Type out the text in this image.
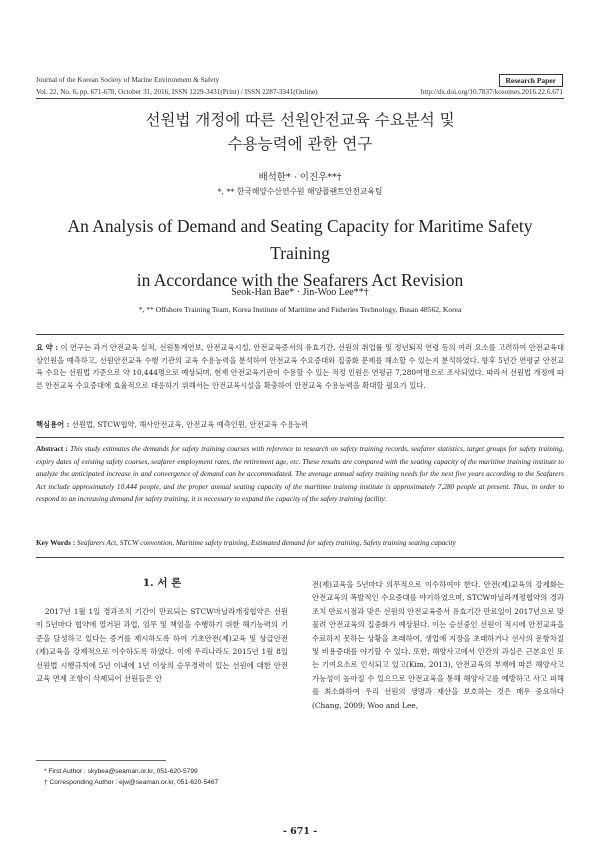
Journal of the Korean Society of Marine Environment & Safety	Research Paper
Vol. 22, No. 6, pp. 671-678, October 31, 2016, ISSN 1229-3431(Print) / ISSN 2287-3341(Online)	http://dx.doi.org/10.7837/kosomes.2016.22.6.671
선원법 개정에 따른 선원안전교육 수요분석 및
수용능력에 관한 연구
배석한* · 이진우**†
*, ** 한국해양수산연수원 해양플랜트안전교육팀
An Analysis of Demand and Seating Capacity for Maritime Safety Training
in Accordance with the Seafarers Act Revision
Seok-Han Bae* · Jin-Woo Lee**†
*, ** Offshore Training Team, Korea Institute of Maritime and Fisheries Technology, Busan 48562, Korea
요 약 : 이 연구는 과거 안전교육 실적, 선원통계연보, 안전교육시설, 안전교육증서의 유효기간, 선원의 취업률 및 정년퇴직 연령 등의 여러 요소를 고려하여 안전교육대상인원을 예측하고, 선원안전교육 수행 기관의 교육 수용능력을 분석하여 안전교육 수요증대와 집중화 문제를 해소할 수 있는지 분석하였다. 향후 5년간 연평균 안전교육 수요는 선원법 기준으로 약 10,444명으로 예상되며, 현재 안전교육기관이 수용할 수 있는 적정 인원은 연평균 7,280여명으로 조사되었다. 따라서 선원법 개정에 따른 안전교육 수요증대에 효율적으로 대응하기 위해서는 안전교육시설을 확충하여 안전교육 수용능력을 확대할 필요가 있다.
핵심용어 : 선원법, STCW협약, 해사안전교육, 안전교육 예측인원, 안전교육 수용능력
Abstract : This study estimates the demands for safety training courses with reference to research on safety training records, seafarer statistics, target groups for safety training, expiry dates of existing safety courses, seafarer employment rates, the retirement age, etc. These results are compared with the seating capacity of the maritime training institute to analyze the anticipated increase in and convergence of demand can be accommodated. The average annual safety training needs for the next five years according to the Seafarers Act include approximately 10,444 people, and the proper annual seating capacity of the maritime training institute is approximately 7,280 people at present. Thus, in order to respond to an increasing demand for safety training, it is necessary to expand the capacity of the safety training facility.
Key Words : Seafarers Act, STCW convention, Maritime safety training, Estimated demand for safety training, Safety training seating capacity
1. 서 론
2017년 1월 1일 경과조치 기간이 만료되는 STCW마닐라개정협약은 선원이 5년마다 협약에 열거된 과업, 임무 및 책임을 수행하기 위한 해기능력의 기준을 달성하고 있다는 증거를 제시하도록 하여 기초안전(제)교육 및 상급안전(제)교육을 강제적으로 이수하도록 하였다. 이에 우리나라도 2015년 1월 8일 선원법 시행규칙에 5년 이내에 1년 이상의 승무경력이 있는 선원에 대한 안전교육 면제 조항이 삭제되어 선원들은 안
* First Author : skybea@seaman.or.kr, 051-620-5799
† Corresponding Author : ejw@seaman.or.kr, 051-620-5467
전(제)교육을 5년마다 의무적으로 이수하여야 한다. 안전(제)교육의 강제화는 안전교육의 폭발적인 수요증대를 야기하였으며, STCW마닐라개정협약의 경과조치 만료시점과 맞은 선원의 안전교육증서 유효기간 만료일이 2017년으로 맞물려 안전교육의 집중화가 예상된다. 이는 승선중인 선원이 적시에 안전교육을 수료하지 못하는 상황을 초래하여, 생업에 지장을 초래하거나 선사의 운항차질 및 비용증대를 야기할 수 있다. 또한, 해양사고에서 인간의 과실은 근본요인 또는 기여요소로 인식되고 있고(Kim, 2013), 안전교육의 부재에 따른 해양사고 가능성이 높아질 수 있으므로 안전교육을 통해 해양사고를 예방하고 사고 피해를 최소화하여 우리 선원의 생명과 재산을 보호하는 것은 매우 중요하다(Chang, 2009; Woo and Lee,
- 671 -
